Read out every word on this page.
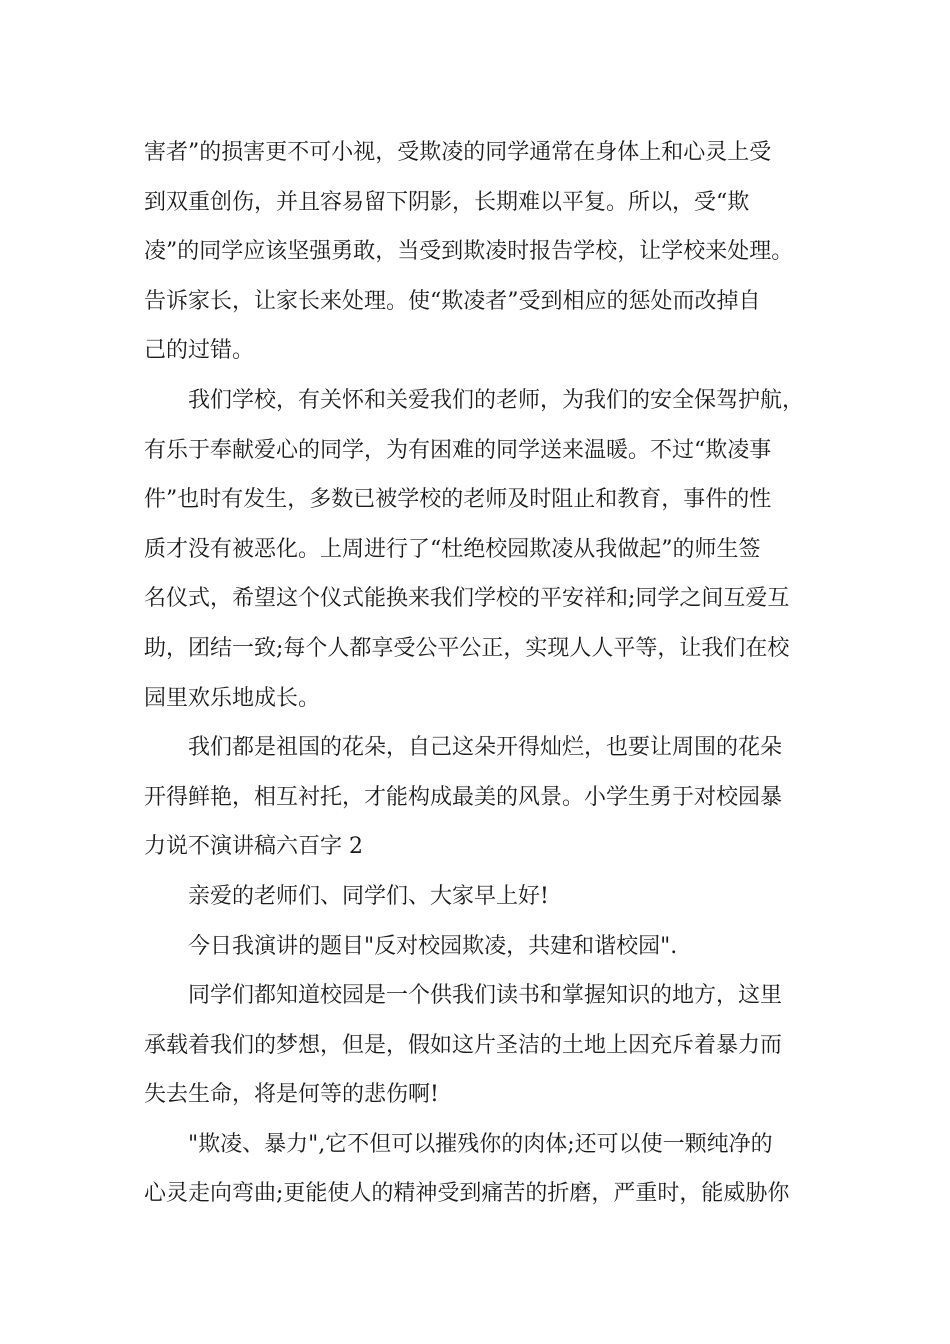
害者”的损害更不可小视，受欺凌的同学通常在身体上和心灵上受
到双重创伤，并且容易留下阴影，长期难以平复。所以，受“欺
凌”的同学应该坚强勇敢，当受到欺凌时报告学校，让学校来处理。
告诉家长，让家长来处理。使“欺凌者”受到相应的惩处而改掉自
己的过错。
我们学校，有关怀和关爱我们的老师，为我们的安全保驾护航，
有乐于奉献爱心的同学，为有困难的同学送来温暖。不过“欺凌事
件”也时有发生，多数已被学校的老师及时阻止和教育，事件的性
质才没有被恶化。上周进行了“杜绝校园欺凌从我做起”的师生签
名仪式，希望这个仪式能换来我们学校的平安祥和;同学之间互爱互
助，团结一致;每个人都享受公平公正，实现人人平等，让我们在校
园里欢乐地成长。
我们都是祖国的花朵，自己这朵开得灿烂，也要让周围的花朵
开得鲜艳，相互衬托，才能构成最美的风景。小学生勇于对校园暴
力说不演讲稿六百字 2
亲爱的老师们、同学们、大家早上好!
今日我演讲的题目"反对校园欺凌，共建和谐校园".
同学们都知道校园是一个供我们读书和掌握知识的地方，这里
承载着我们的梦想，但是，假如这片圣洁的土地上因充斥着暴力而
失去生命，将是何等的悲伤啊!
"欺凌、暴力",它不但可以摧残你的肉体;还可以使一颗纯净的
心灵走向弯曲;更能使人的精神受到痛苦的折磨，严重时，能威胁你
